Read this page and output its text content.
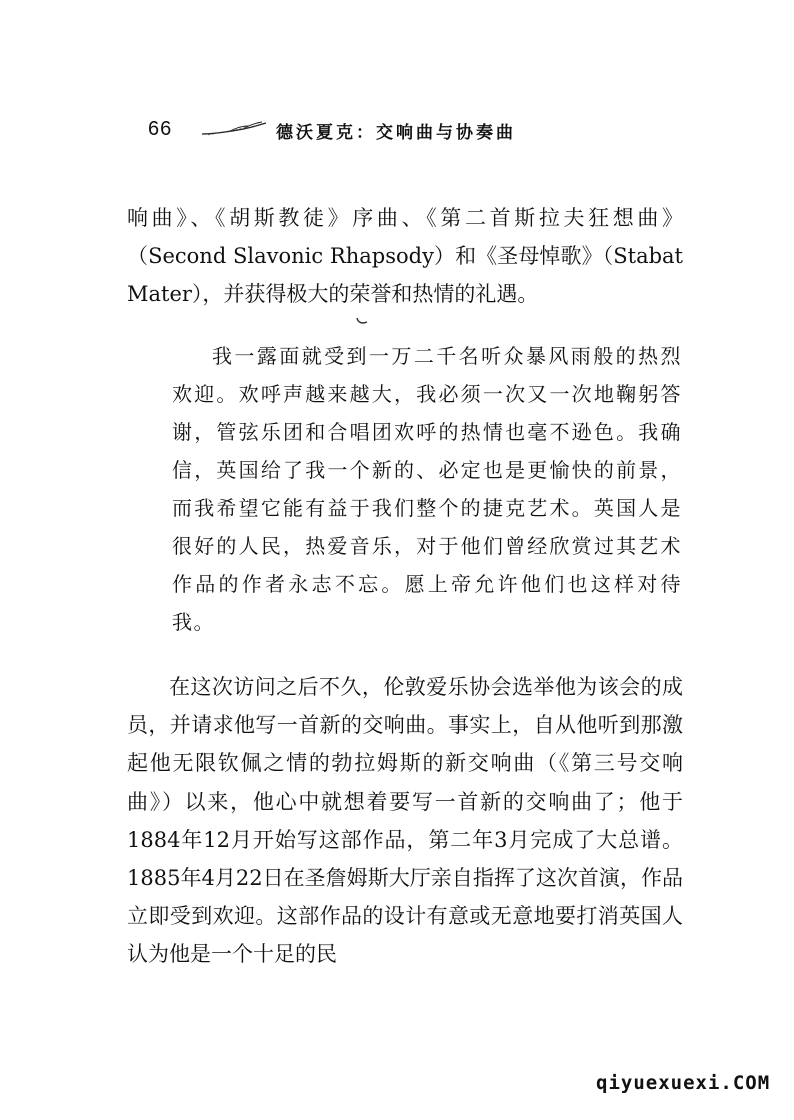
66	德沃夏克：交响曲与协奏曲

响曲》、《胡斯教徒》序曲、《第二首斯拉夫狂想曲》（Second Slavonic Rhapsody）和《圣母悼歌》（Stabat Mater），并获得极大的荣誉和热情的礼遇。

我一露面就受到一万二千名听众暴风雨般的热烈欢迎。欢呼声越来越大，我必须一次又一次地鞠躬答谢，管弦乐团和合唱团欢呼的热情也毫不逊色。我确信，英国给了我一个新的、必定也是更愉快的前景，而我希望它能有益于我们整个的捷克艺术。英国人是很好的人民，热爱音乐，对于他们曾经欣赏过其艺术作品的作者永志不忘。愿上帝允许他们也这样对待我。

在这次访问之后不久，伦敦爱乐协会选举他为该会的成员，并请求他写一首新的交响曲。事实上，自从他听到那激起他无限钦佩之情的勃拉姆斯的新交响曲（《第三号交响曲》）以来，他心中就想着要写一首新的交响曲了；他于1884年12月开始写这部作品，第二年3月完成了大总谱。1885年4月22日在圣詹姆斯大厅亲自指挥了这次首演，作品立即受到欢迎。这部作品的设计有意或无意地要打消英国人认为他是一个十足的民

qiyuexuexi.COM
